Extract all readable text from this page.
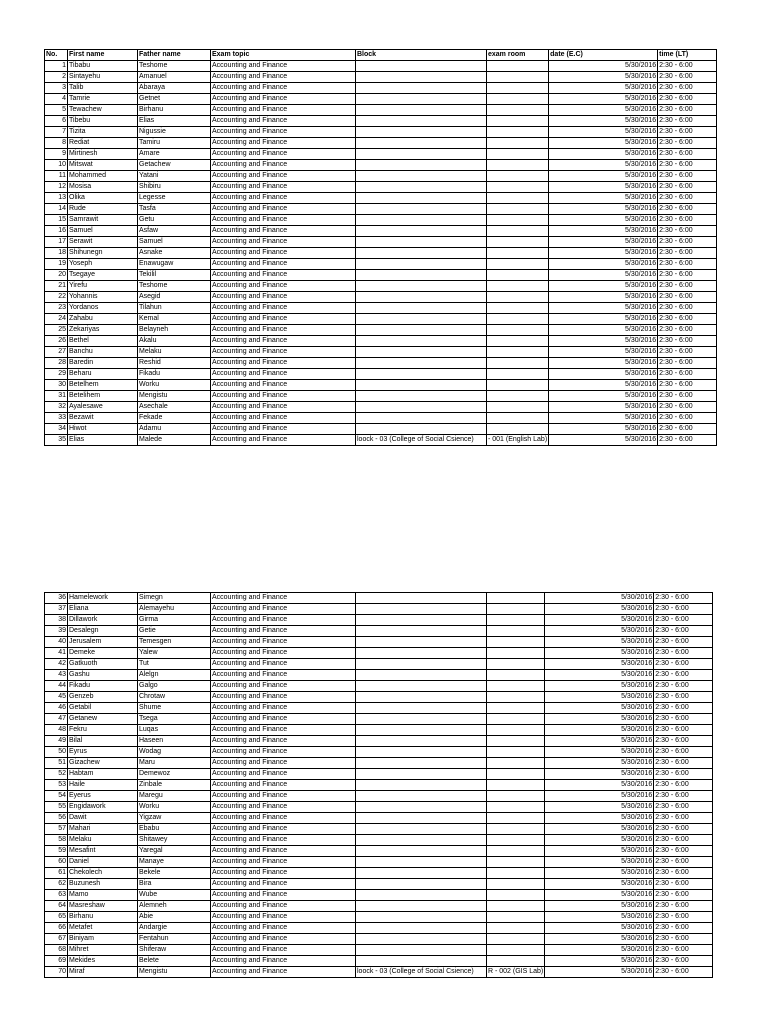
No.	First name	Father name	Exam topic	Block	exam room	date (E.C)	time (LT)
1	Tibabu	Teshome	Accounting and Finance			5/30/2016	2:30 - 6:00
2	Sintayehu	Amanuel	Accounting and Finance			5/30/2016	2:30 - 6:00
3	Talib	Abaraya	Accounting and Finance			5/30/2016	2:30 - 6:00
4	Tamrie	Getnet	Accounting and Finance			5/30/2016	2:30 - 6:00
5	Tewachew	Birhanu	Accounting and Finance			5/30/2016	2:30 - 6:00
6	Tibebu	Elias	Accounting and Finance			5/30/2016	2:30 - 6:00
7	Tizita	Nigussie	Accounting and Finance			5/30/2016	2:30 - 6:00
8	Rediat	Tamiru	Accounting and Finance			5/30/2016	2:30 - 6:00
9	Mirtinesh	Amare	Accounting and Finance			5/30/2016	2:30 - 6:00
10	Mitswat	Getachew	Accounting and Finance			5/30/2016	2:30 - 6:00
11	Mohammed	Yatani	Accounting and Finance			5/30/2016	2:30 - 6:00
12	Mosisa	Shibiru	Accounting and Finance			5/30/2016	2:30 - 6:00
13	Olika	Legesse	Accounting and Finance			5/30/2016	2:30 - 6:00
14	Rude	Tasfa	Accounting and Finance			5/30/2016	2:30 - 6:00
15	Samrawit	Getu	Accounting and Finance			5/30/2016	2:30 - 6:00
16	Samuel	Asfaw	Accounting and Finance			5/30/2016	2:30 - 6:00
17	Serawit	Samuel	Accounting and Finance			5/30/2016	2:30 - 6:00
18	Shihunegn	Asnake	Accounting and Finance			5/30/2016	2:30 - 6:00
19	Yoseph	Enawugaw	Accounting and Finance			5/30/2016	2:30 - 6:00
20	Tsegaye	Tekilil	Accounting and Finance			5/30/2016	2:30 - 6:00
21	Yirefu	Teshome	Accounting and Finance			5/30/2016	2:30 - 6:00
22	Yohannis	Asegid	Accounting and Finance			5/30/2016	2:30 - 6:00
23	Yordanos	Tilahun	Accounting and Finance			5/30/2016	2:30 - 6:00
24	Zahabu	Kemal	Accounting and Finance			5/30/2016	2:30 - 6:00
25	Zekariyas	Belayneh	Accounting and Finance			5/30/2016	2:30 - 6:00
26	Bethel	Akalu	Accounting and Finance			5/30/2016	2:30 - 6:00
27	Banchu	Melaku	Accounting and Finance			5/30/2016	2:30 - 6:00
28	Baredin	Reshid	Accounting and Finance			5/30/2016	2:30 - 6:00
29	Beharu	Fikadu	Accounting and Finance			5/30/2016	2:30 - 6:00
30	Betelhem	Worku	Accounting and Finance			5/30/2016	2:30 - 6:00
31	Betelihem	Mengistu	Accounting and Finance			5/30/2016	2:30 - 6:00
32	Ayalesawe	Asechale	Accounting and Finance			5/30/2016	2:30 - 6:00
33	Bezawit	Fekade	Accounting and Finance			5/30/2016	2:30 - 6:00
34	Hiwot	Adamu	Accounting and Finance			5/30/2016	2:30 - 6:00
35	Elias	Malede	Accounting and Finance	loock - 03 (College of Social Csience)	- 001 (English Lab)	5/30/2016	2:30 - 6:00
36	Hamelework	Simegn	Accounting and Finance			5/30/2016	2:30 - 6:00
37	Eliana	Alemayehu	Accounting and Finance			5/30/2016	2:30 - 6:00
38	Dillawork	Girma	Accounting and Finance			5/30/2016	2:30 - 6:00
39	Desalegn	Getie	Accounting and Finance			5/30/2016	2:30 - 6:00
40	Jerusalem	Temesgen	Accounting and Finance			5/30/2016	2:30 - 6:00
41	Demeke	Yalew	Accounting and Finance			5/30/2016	2:30 - 6:00
42	Gatkuoth	Tut	Accounting and Finance			5/30/2016	2:30 - 6:00
43	Gashu	Alelgn	Accounting and Finance			5/30/2016	2:30 - 6:00
44	Fikadu	Galgo	Accounting and Finance			5/30/2016	2:30 - 6:00
45	Genzeb	Chrotaw	Accounting and Finance			5/30/2016	2:30 - 6:00
46	Getabil	Shume	Accounting and Finance			5/30/2016	2:30 - 6:00
47	Getanew	Tsega	Accounting and Finance			5/30/2016	2:30 - 6:00
48	Fekru	Luqas	Accounting and Finance			5/30/2016	2:30 - 6:00
49	Bilal	Haseen	Accounting and Finance			5/30/2016	2:30 - 6:00
50	Eyrus	Wodag	Accounting and Finance			5/30/2016	2:30 - 6:00
51	Gizachew	Maru	Accounting and Finance			5/30/2016	2:30 - 6:00
52	Habtam	Demewoz	Accounting and Finance			5/30/2016	2:30 - 6:00
53	Haile	Zinbale	Accounting and Finance			5/30/2016	2:30 - 6:00
54	Eyerus	Maregu	Accounting and Finance			5/30/2016	2:30 - 6:00
55	Engidawork	Worku	Accounting and Finance			5/30/2016	2:30 - 6:00
56	Dawit	Yigzaw	Accounting and Finance			5/30/2016	2:30 - 6:00
57	Mahari	Ebabu	Accounting and Finance			5/30/2016	2:30 - 6:00
58	Melaku	Shitawey	Accounting and Finance			5/30/2016	2:30 - 6:00
59	Mesafint	Yaregal	Accounting and Finance			5/30/2016	2:30 - 6:00
60	Daniel	Manaye	Accounting and Finance			5/30/2016	2:30 - 6:00
61	Chekolech	Bekele	Accounting and Finance			5/30/2016	2:30 - 6:00
62	Buzunesh	Bira	Accounting and Finance			5/30/2016	2:30 - 6:00
63	Mamo	Wube	Accounting and Finance			5/30/2016	2:30 - 6:00
64	Masreshaw	Alemneh	Accounting and Finance			5/30/2016	2:30 - 6:00
65	Birhanu	Abie	Accounting and Finance			5/30/2016	2:30 - 6:00
66	Metafet	Andargie	Accounting and Finance			5/30/2016	2:30 - 6:00
67	Biniyam	Fentahun	Accounting and Finance			5/30/2016	2:30 - 6:00
68	Mihret	Shiferaw	Accounting and Finance			5/30/2016	2:30 - 6:00
69	Mekides	Belete	Accounting and Finance			5/30/2016	2:30 - 6:00
70	Miraf	Mengistu	Accounting and Finance	loock - 03 (College of Social Csience)	R - 002 (GIS Lab)	5/30/2016	2:30 - 6:00
